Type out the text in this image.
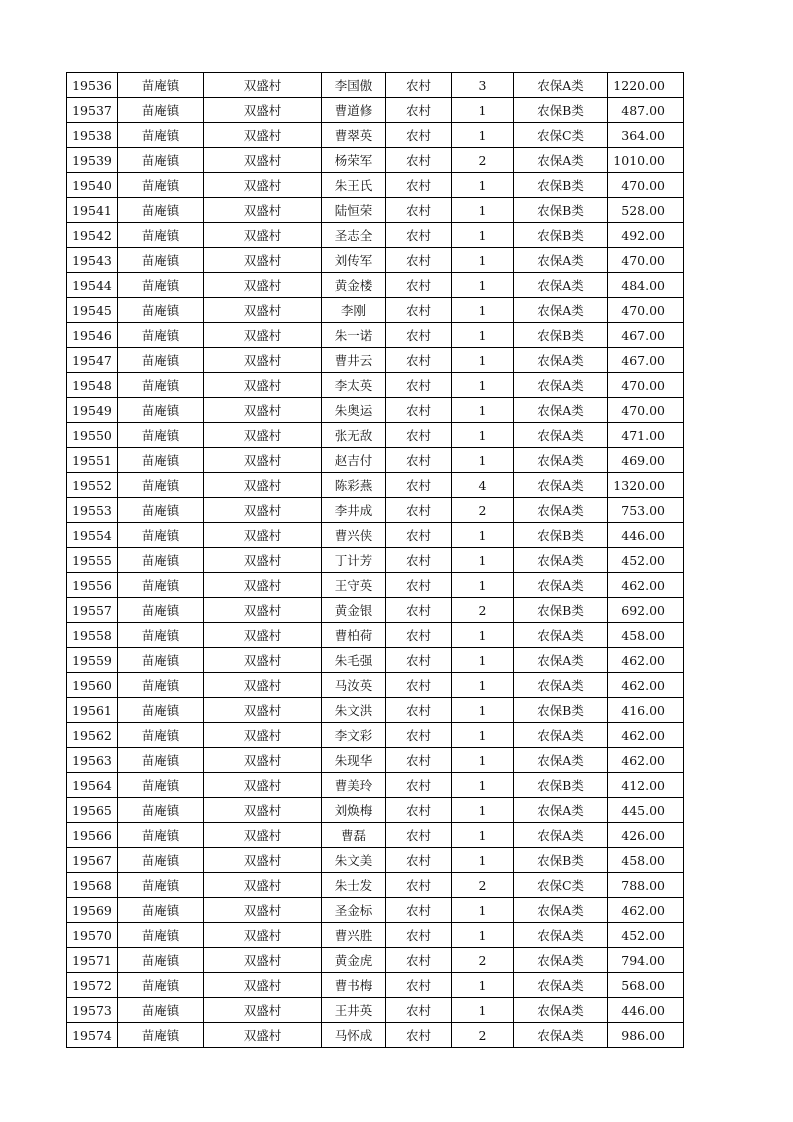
19536	苗庵镇	双盛村	李国傲	农村	3	农保A类	1220.00
19537	苗庵镇	双盛村	曹道修	农村	1	农保B类	487.00
19538	苗庵镇	双盛村	曹翠英	农村	1	农保C类	364.00
19539	苗庵镇	双盛村	杨荣军	农村	2	农保A类	1010.00
19540	苗庵镇	双盛村	朱王氏	农村	1	农保B类	470.00
19541	苗庵镇	双盛村	陆恒荣	农村	1	农保B类	528.00
19542	苗庵镇	双盛村	圣志全	农村	1	农保B类	492.00
19543	苗庵镇	双盛村	刘传军	农村	1	农保A类	470.00
19544	苗庵镇	双盛村	黄金楼	农村	1	农保A类	484.00
19545	苗庵镇	双盛村	李刚	农村	1	农保A类	470.00
19546	苗庵镇	双盛村	朱一诺	农村	1	农保B类	467.00
19547	苗庵镇	双盛村	曹井云	农村	1	农保A类	467.00
19548	苗庵镇	双盛村	李太英	农村	1	农保A类	470.00
19549	苗庵镇	双盛村	朱奥运	农村	1	农保A类	470.00
19550	苗庵镇	双盛村	张无敌	农村	1	农保A类	471.00
19551	苗庵镇	双盛村	赵吉付	农村	1	农保A类	469.00
19552	苗庵镇	双盛村	陈彩燕	农村	4	农保A类	1320.00
19553	苗庵镇	双盛村	李井成	农村	2	农保A类	753.00
19554	苗庵镇	双盛村	曹兴侠	农村	1	农保B类	446.00
19555	苗庵镇	双盛村	丁计芳	农村	1	农保A类	452.00
19556	苗庵镇	双盛村	王守英	农村	1	农保A类	462.00
19557	苗庵镇	双盛村	黄金银	农村	2	农保B类	692.00
19558	苗庵镇	双盛村	曹柏荷	农村	1	农保A类	458.00
19559	苗庵镇	双盛村	朱毛强	农村	1	农保A类	462.00
19560	苗庵镇	双盛村	马汝英	农村	1	农保A类	462.00
19561	苗庵镇	双盛村	朱文洪	农村	1	农保B类	416.00
19562	苗庵镇	双盛村	李文彩	农村	1	农保A类	462.00
19563	苗庵镇	双盛村	朱现华	农村	1	农保A类	462.00
19564	苗庵镇	双盛村	曹美玲	农村	1	农保B类	412.00
19565	苗庵镇	双盛村	刘焕梅	农村	1	农保A类	445.00
19566	苗庵镇	双盛村	曹磊	农村	1	农保A类	426.00
19567	苗庵镇	双盛村	朱文美	农村	1	农保B类	458.00
19568	苗庵镇	双盛村	朱士发	农村	2	农保C类	788.00
19569	苗庵镇	双盛村	圣金标	农村	1	农保A类	462.00
19570	苗庵镇	双盛村	曹兴胜	农村	1	农保A类	452.00
19571	苗庵镇	双盛村	黄金虎	农村	2	农保A类	794.00
19572	苗庵镇	双盛村	曹书梅	农村	1	农保A类	568.00
19573	苗庵镇	双盛村	王井英	农村	1	农保A类	446.00
19574	苗庵镇	双盛村	马怀成	农村	2	农保A类	986.00
